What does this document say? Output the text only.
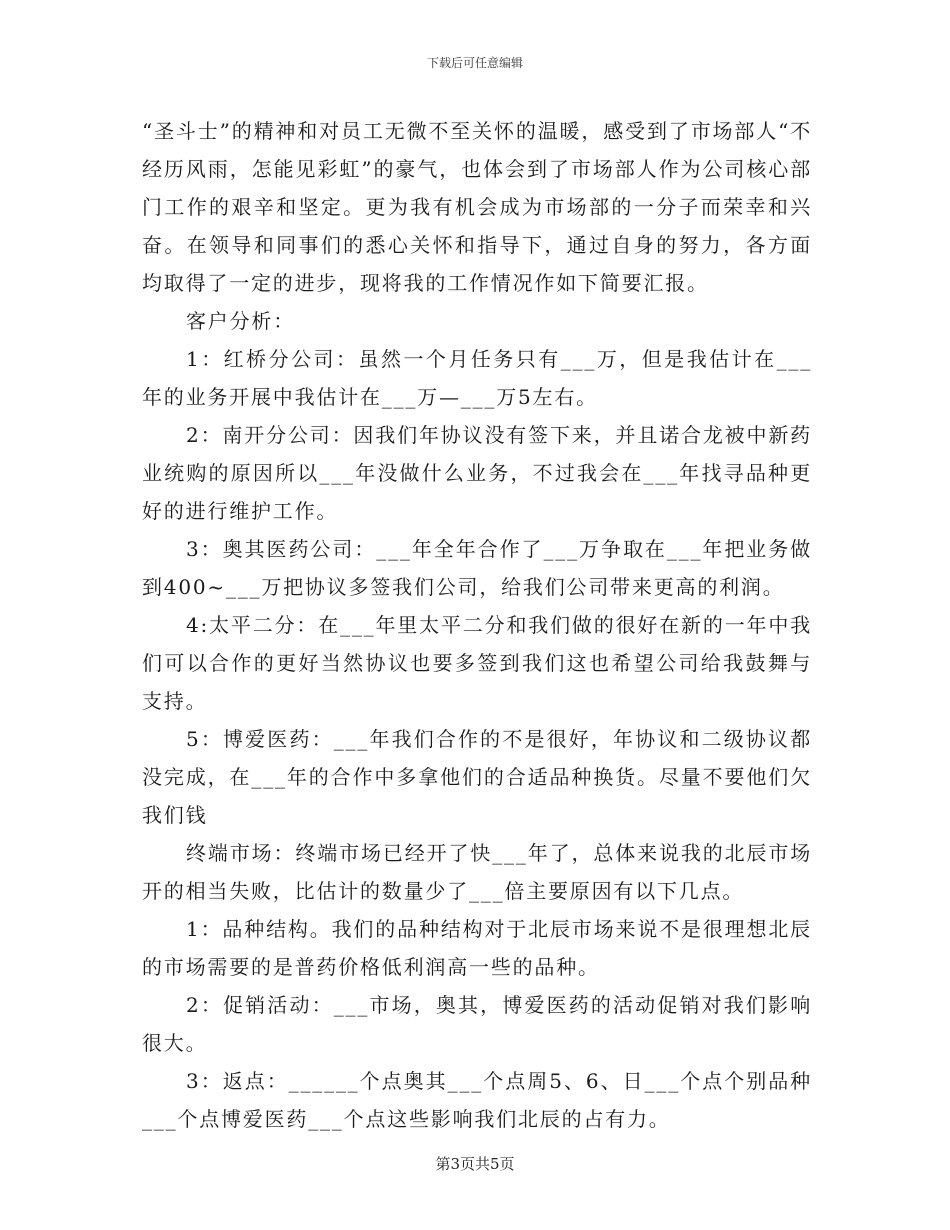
下载后可任意编辑

“圣斗士”的精神和对员工无微不至关怀的温暖，感受到了市场部人“不经历风雨，怎能见彩虹”的豪气，也体会到了市场部人作为公司核心部门工作的艰辛和坚定。更为我有机会成为市场部的一分子而荣幸和兴奋。在领导和同事们的悉心关怀和指导下，通过自身的努力，各方面均取得了一定的进步，现将我的工作情况作如下简要汇报。

客户分析：

1：红桥分公司：虽然一个月任务只有___万，但是我估计在___年的业务开展中我估计在___万—___万5左右。

2：南开分公司：因我们年协议没有签下来，并且诺合龙被中新药业统购的原因所以___年没做什么业务，不过我会在___年找寻品种更好的进行维护工作。

3：奥其医药公司：___年全年合作了___万争取在___年把业务做到400~___万把协议多签我们公司，给我们公司带来更高的利润。

4:太平二分：在___年里太平二分和我们做的很好在新的一年中我们可以合作的更好当然协议也要多签到我们这也希望公司给我鼓舞与支持。

5：博爱医药：___年我们合作的不是很好，年协议和二级协议都没完成，在___年的合作中多拿他们的合适品种换货。尽量不要他们欠我们钱

终端市场：终端市场已经开了快___年了，总体来说我的北辰市场开的相当失败，比估计的数量少了___倍主要原因有以下几点。

1：品种结构。我们的品种结构对于北辰市场来说不是很理想北辰的市场需要的是普药价格低利润高一些的品种。

2：促销活动：___市场，奥其，博爱医药的活动促销对我们影响很大。

3：返点：______个点奥其___个点周5、6、日___个点个别品种___个点博爱医药___个点这些影响我们北辰的占有力。

第3页共5页
